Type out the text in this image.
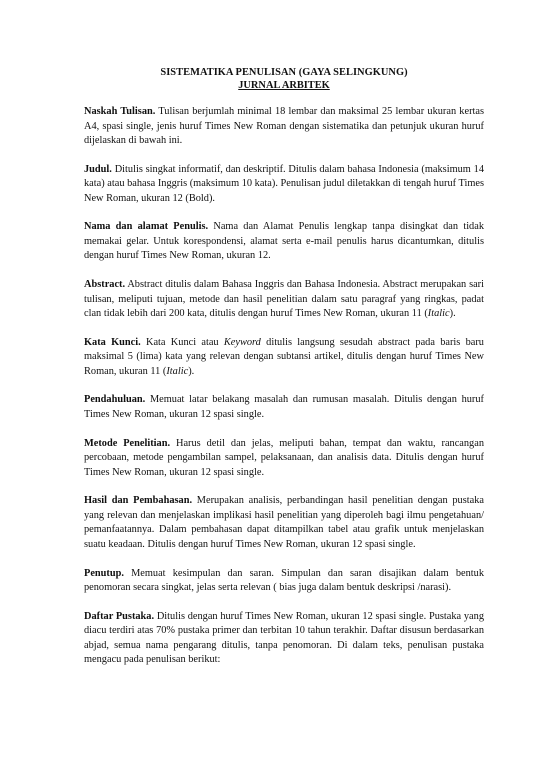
SISTEMATIKA PENULISAN (GAYA SELINGKUNG)
JURNAL ARBITEK

Naskah Tulisan. Tulisan berjumlah minimal 18 lembar dan maksimal 25 lembar ukuran kertas A4, spasi single, jenis huruf Times New Roman dengan sistematika dan petunjuk ukuran huruf dijelaskan di bawah ini.

Judul. Ditulis singkat informatif, dan deskriptif. Ditulis dalam bahasa Indonesia (maksimum 14 kata) atau bahasa Inggris (maksimum 10 kata). Penulisan judul diletakkan di tengah huruf Times New Roman, ukuran 12 (Bold).

Nama dan alamat Penulis. Nama dan Alamat Penulis lengkap tanpa disingkat dan tidak memakai gelar. Untuk korespondensi, alamat serta e-mail penulis harus dicantumkan, ditulis dengan huruf Times New Roman, ukuran 12.

Abstract. Abstract ditulis dalam Bahasa Inggris dan Bahasa Indonesia. Abstract merupakan sari tulisan, meliputi tujuan, metode dan hasil penelitian dalam satu paragraf yang ringkas, padat clan tidak lebih dari 200 kata, ditulis dengan huruf Times New Roman, ukuran 11 (Italic).

Kata Kunci. Kata Kunci atau Keyword ditulis langsung sesudah abstract pada baris baru maksimal 5 (lima) kata yang relevan dengan subtansi artikel, ditulis dengan huruf Times New Roman, ukuran 11 (Italic).

Pendahuluan. Memuat latar belakang masalah dan rumusan masalah. Ditulis dengan huruf Times New Roman, ukuran 12 spasi single.

Metode Penelitian. Harus detil dan jelas, meliputi bahan, tempat dan waktu, rancangan percobaan, metode pengambilan sampel, pelaksanaan, dan analisis data. Ditulis dengan huruf Times New Roman, ukuran 12 spasi single.

Hasil dan Pembahasan. Merupakan analisis, perbandingan hasil penelitian dengan pustaka yang relevan dan menjelaskan implikasi hasil penelitian yang diperoleh bagi ilmu pengetahuan/ pemanfaatannya. Dalam pembahasan dapat ditampilkan tabel atau grafik untuk menjelaskan suatu keadaan. Ditulis dengan huruf Times New Roman, ukuran 12 spasi single.

Penutup. Memuat kesimpulan dan saran. Simpulan dan saran disajikan dalam bentuk penomoran secara singkat, jelas serta relevan ( bias juga dalam bentuk deskripsi /narasi).

Daftar Pustaka. Ditulis dengan huruf Times New Roman, ukuran 12 spasi single. Pustaka yang diacu terdiri atas 70% pustaka primer dan terbitan 10 tahun terakhir. Daftar disusun berdasarkan abjad, semua nama pengarang ditulis, tanpa penomoran. Di dalam teks, penulisan pustaka mengacu pada penulisan berikut:
